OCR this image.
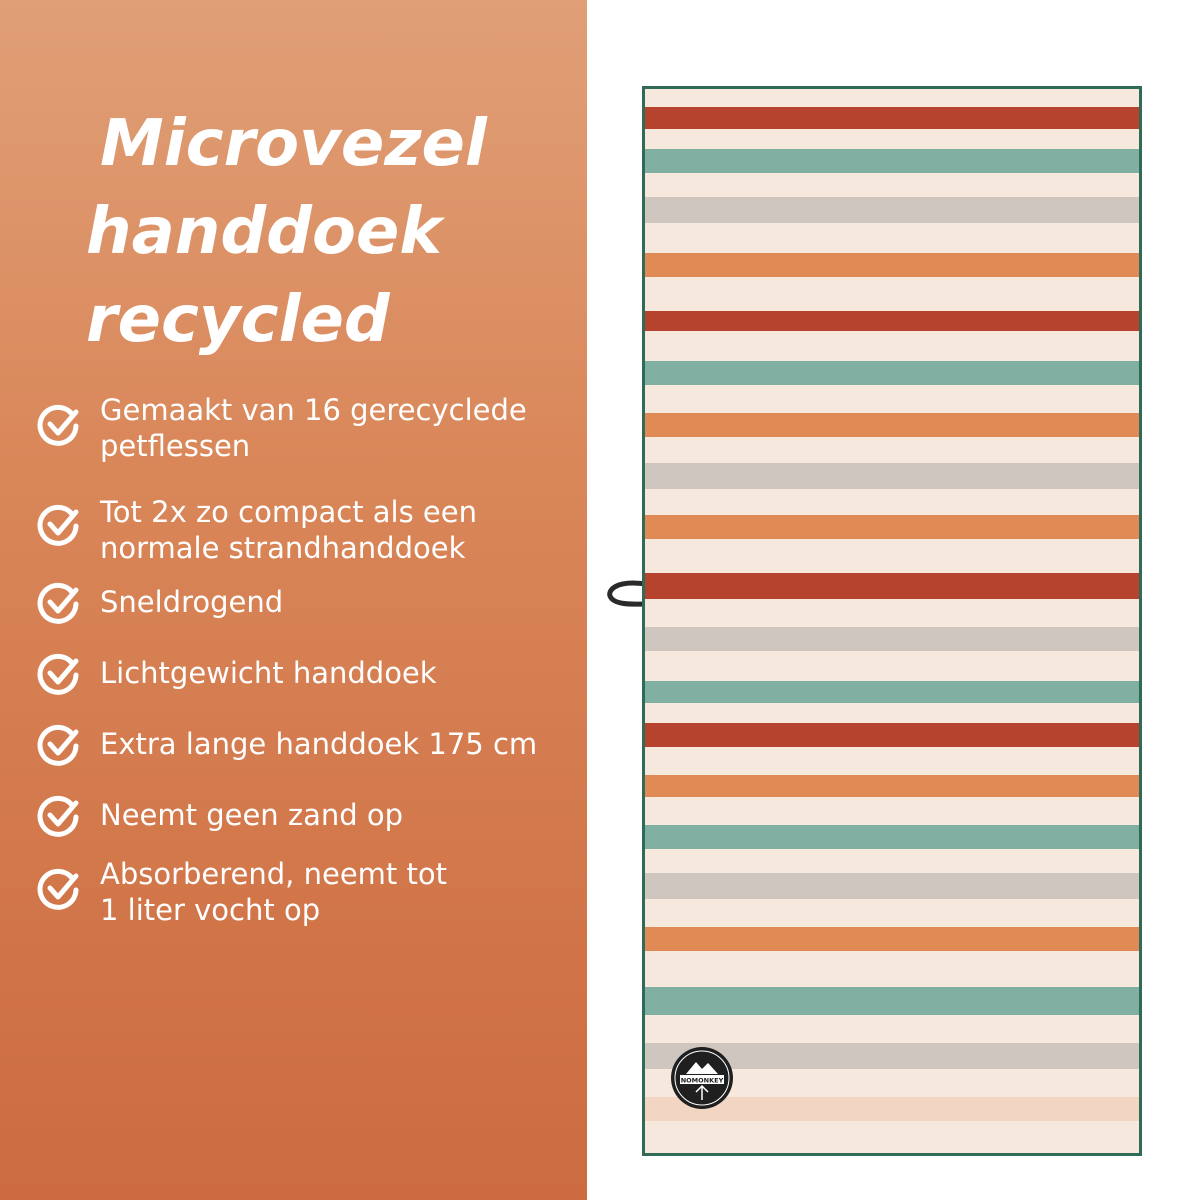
Microvezel
handdoek
recycled
Gemaakt van 16 gerecyclede
petflessen
Tot 2x zo compact als een
normale strandhanddoek
Sneldrogend
Lichtgewicht handdoek
Extra lange handdoek 175 cm
Neemt geen zand op
Absorberend, neemt tot
1 liter vocht op
NOMONKEY
